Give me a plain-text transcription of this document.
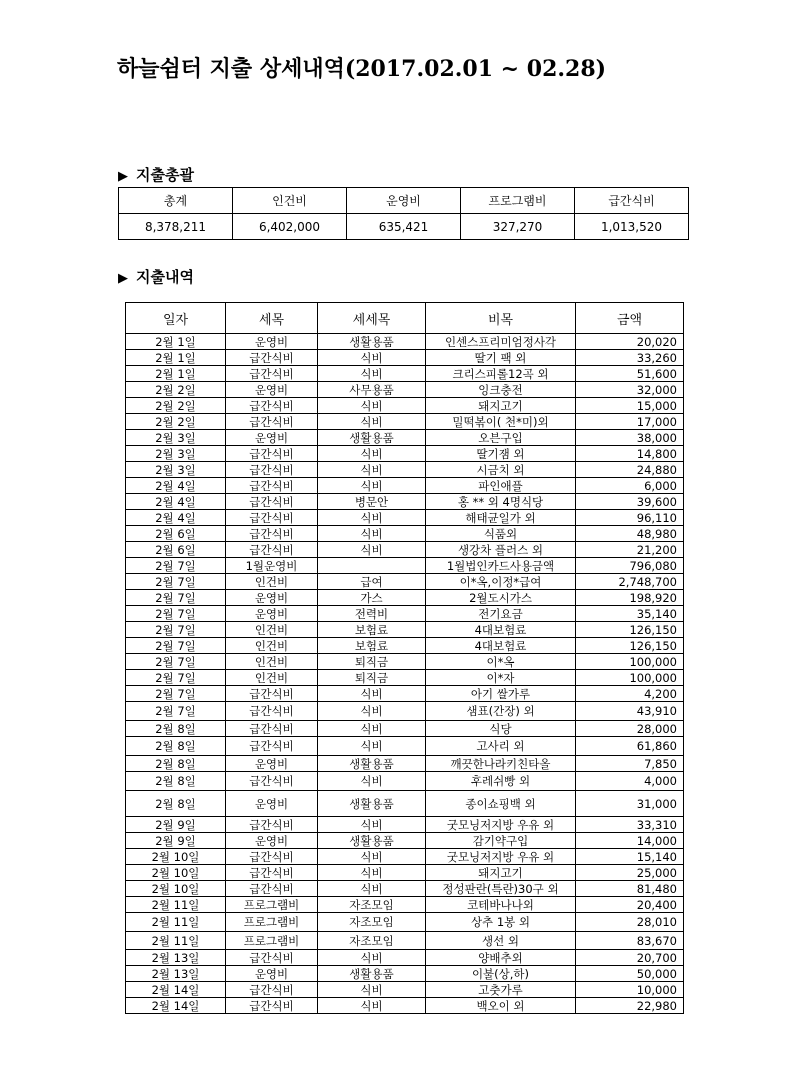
하늘쉼터 지출 상세내역(2017.02.01 ~ 02.28)
▶ 지출총괄
총계	인건비	운영비	프로그램비	급간식비
8,378,211	6,402,000	635,421	327,270	1,013,520
▶ 지출내역
일자	세목	세세목	비목	금액
2월 1일	운영비	생활용품	인센스프리미엄정사각	20,020
2월 1일	급간식비	식비	딸기 팩 외	33,260
2월 1일	급간식비	식비	크리스피롤12곡 외	51,600
2월 2일	운영비	사무용품	잉크충전	32,000
2월 2일	급간식비	식비	돼지고기	15,000
2월 2일	급간식비	식비	밀떡볶이( 천*미)외	17,000
2월 3일	운영비	생활용품	오븐구입	38,000
2월 3일	급간식비	식비	딸기잼 외	14,800
2월 3일	급간식비	식비	시금치 외	24,880
2월 4일	급간식비	식비	파인애플	6,000
2월 4일	급간식비	병문안	홍 ** 외 4명식당	39,600
2월 4일	급간식비	식비	해태균일가 외	96,110
2월 6일	급간식비	식비	식품외	48,980
2월 6일	급간식비	식비	생강차 플러스 외	21,200
2월 7일	1월운영비		1월법인카드사용금액	796,080
2월 7일	인건비	급여	이*옥,이정*급여	2,748,700
2월 7일	운영비	가스	2월도시가스	198,920
2월 7일	운영비	전력비	전기요금	35,140
2월 7일	인건비	보험료	4대보험료	126,150
2월 7일	인건비	보험료	4대보험료	126,150
2월 7일	인건비	퇴직금	이*옥	100,000
2월 7일	인건비	퇴직금	이*자	100,000
2월 7일	급간식비	식비	아기 쌀가루	4,200
2월 7일	급간식비	식비	샘표(간장) 외	43,910
2월 8일	급간식비	식비	식당	28,000
2월 8일	급간식비	식비	고사리 외	61,860
2월 8일	운영비	생활용품	깨끗한나라키친타올	7,850
2월 8일	급간식비	식비	후레쉬빵 외	4,000
2월 8일	운영비	생활용품	종이쇼핑백 외	31,000
2월 9일	급간식비	식비	굿모닝저지방 우유 외	33,310
2월 9일	운영비	생활용품	감기약구입	14,000
2월 10일	급간식비	식비	굿모닝저지방 우유 외	15,140
2월 10일	급간식비	식비	돼지고기	25,000
2월 10일	급간식비	식비	정성판란(특란)30구 외	81,480
2월 11일	프로그램비	자조모임	코테바나나외	20,400
2월 11일	프로그램비	자조모임	상추 1봉 외	28,010
2월 11일	프로그램비	자조모임	생선 외	83,670
2월 13일	급간식비	식비	양배추외	20,700
2월 13일	운영비	생활용품	이불(상,하)	50,000
2월 14일	급간식비	식비	고춧가루	10,000
2월 14일	급간식비	식비	백오이 외	22,980
